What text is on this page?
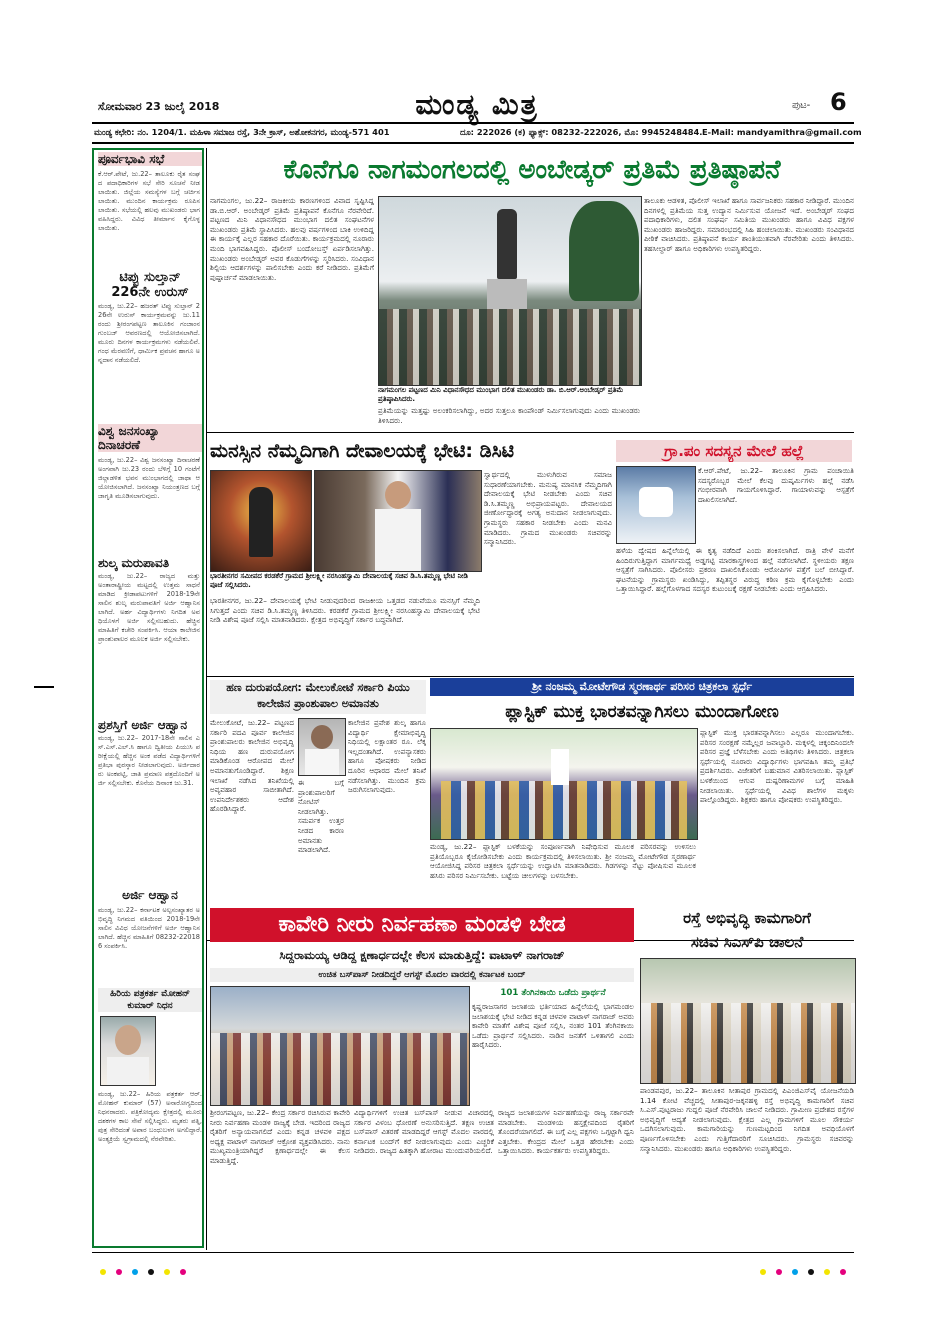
ಸೋಮವಾರ 23 ಜುಲೈ 2018	ಮಂಡ್ಯ ಮಿತ್ರ	ಪುಟ- 6
ಮಂಡ್ಯ ಕಛೇರಿ: ನಂ. 1204/1. ಮಹಿಳಾ ಸಮಾಜ ರಸ್ತೆ, 3ನೇ ಕ್ರಾಸ್, ಅಶೋಕನಗರ, ಮಂಡ್ಯ-571 401	ದೂ: 222026 (ಕ) ಫ್ಯಾಕ್ಸ್: 08232-222026, ಮೊ: 9945248484. E-Mail: mandyamithra@gmail.com
ಪೂರ್ವಭಾವಿ ಸಭೆ
ಕೆ.ಆರ್.ಪೇಟೆ, ಜು.22– ತಾಲೂಕು ರೈತ ಸಂಘದ ಪದಾಧಿಕಾರಿಗಳ ಸಭೆ ಸೇರಿ ಸೂಚನೆ ನೀಡಲಾಯಿತು. ಜಿಲ್ಲೆಯ ಸಮಸ್ಯೆಗಳ ಬಗ್ಗೆ ಚರ್ಚಿಸಲಾಯಿತು. ಮುಂದಿನ ಕಾರ್ಯಕ್ರಮ ರೂಪಿಸಲಾಯಿತು. ಸಭೆಯಲ್ಲಿ ಹಲವು ಮುಖಂಡರು ಭಾಗವಹಿಸಿದ್ದರು. ವಿವಿಧ ತೀರ್ಮಾನ ಕೈಗೊಳ್ಳಲಾಯಿತು.
ಟಿಪ್ಪು ಸುಲ್ತಾನ್ 226ನೇ ಉರುಸ್
ಮಂಡ್ಯ, ಜು.22– ಹಜರತ್ ಟಿಪ್ಪು ಸುಲ್ತಾನ್ 226ನೇ ಉರುಸ್ ಕಾರ್ಯಕ್ರಮವನ್ನು ಜು.11 ರಂದು ಶ್ರೀರಂಗಪಟ್ಟಣ ತಾಲೂಕಿನ ಗಂಜಾಂನ ಗುಂಬಜ್ ಆವರಣದಲ್ಲಿ ಆಯೋಜಿಸಲಾಗಿದೆ. ಮೂರು ದಿನಗಳ ಕಾರ್ಯಕ್ರಮಗಳು ನಡೆಯಲಿವೆ. ಗಂಧ ಮೆರವಣಿಗೆ, ಧಾರ್ಮಿಕ ಪ್ರವಚನ ಹಾಗೂ ಅನ್ನದಾನ ನಡೆಯಲಿದೆ.
ವಿಶ್ವ ಜನಸಂಖ್ಯಾ ದಿನಾಚರಣೆ
ಮಂಡ್ಯ, ಜು.22– ವಿಶ್ವ ಜನಸಂಖ್ಯಾ ದಿನಾಚರಣೆ ಅಂಗವಾಗಿ ಜು.23 ರಂದು ಬೆಳಿಗ್ಗೆ 10 ಗಂಟೆಗೆ ಜಿಲ್ಲಾಡಳಿತ ಭವನ ಮುಂಭಾಗದಲ್ಲಿ ಜಾಥಾ ಆಯೋಜಿಸಲಾಗಿದೆ. ಜನಸಂಖ್ಯಾ ನಿಯಂತ್ರಣದ ಬಗ್ಗೆ ಜಾಗೃತಿ ಮೂಡಿಸಲಾಗುವುದು.
ಶುಲ್ಕ ಮರುಪಾವತಿ
ಮಂಡ್ಯ, ಜು.22– ರಾಜ್ಯದ ಮತ್ತು ಅಂತಾರಾಷ್ಟ್ರೀಯ ಮಟ್ಟದಲ್ಲಿ ಉತ್ತಮ ಸಾಧನೆ ಮಾಡಿದ ಕ್ರೀಡಾಪಟುಗಳಿಗೆ 2018-19ನೇ ಸಾಲಿನ ಶುಲ್ಕ ಮರುಪಾವತಿಗೆ ಅರ್ಜಿ ಆಹ್ವಾನಿಸಲಾಗಿದೆ. ಅರ್ಹ ವಿದ್ಯಾರ್ಥಿಗಳು ನಿಗದಿತ ಅವಧಿಯೊಳಗೆ ಅರ್ಜಿ ಸಲ್ಲಿಸಬಹುದು. ಹೆಚ್ಚಿನ ಮಾಹಿತಿಗೆ ಕಚೇರಿ ಸಂಪರ್ಕಿಸಿ. ಆಯಾ ಕಾಲೇಜಿನ ಪ್ರಾಂಶುಪಾಲರ ಮೂಲಕ ಅರ್ಜಿ ಸಲ್ಲಿಸಬೇಕು.
ಪ್ರಶಸ್ತಿಗೆ ಅರ್ಜಿ ಆಹ್ವಾನ
ಮಂಡ್ಯ, ಜು.22– 2017-18ನೇ ಸಾಲಿನ ಎಸ್.ಎಸ್.ಎಲ್.ಸಿ ಹಾಗೂ ದ್ವಿತೀಯ ಪಿಯುಸಿ ಪರೀಕ್ಷೆಯಲ್ಲಿ ಹೆಚ್ಚಿನ ಅಂಕ ಪಡೆದ ವಿದ್ಯಾರ್ಥಿಗಳಿಗೆ ಪ್ರತಿಭಾ ಪುರಸ್ಕಾರ ನೀಡಲಾಗುವುದು. ಅರ್ಜಿದಾರರು ಅಂಕಪಟ್ಟಿ, ಜಾತಿ ಪ್ರಮಾಣ ಪತ್ರದೊಂದಿಗೆ ಅರ್ಜಿ ಸಲ್ಲಿಸಬೇಕು. ಕೊನೆಯ ದಿನಾಂಕ ಜು.31.
ಅರ್ಜಿ ಆಹ್ವಾನ
ಮಂಡ್ಯ, ಜು.22– ಕರ್ನಾಟಕ ಅಲ್ಪಸಂಖ್ಯಾತರ ಅಭಿವೃದ್ಧಿ ನಿಗಮದ ವತಿಯಿಂದ 2018-19ನೇ ಸಾಲಿನ ವಿವಿಧ ಯೋಜನೆಗಳಿಗೆ ಅರ್ಜಿ ಆಹ್ವಾನಿಸಲಾಗಿದೆ. ಹೆಚ್ಚಿನ ಮಾಹಿತಿಗೆ 08232-220186 ಸಂಪರ್ಕಿಸಿ.
ಹಿರಿಯ ಪತ್ರಕರ್ತ ಮೋಹನ್ ಕುಮಾರ್ ನಿಧನ
ಮಂಡ್ಯ, ಜು.22– ಹಿರಿಯ ಪತ್ರಕರ್ತ ಆರ್. ಮೋಹನ್ ಕುಮಾರ್ (57) ಅನಾರೋಗ್ಯದಿಂದ ನಿಧನರಾದರು. ಪತ್ರಿಕೋದ್ಯಮ ಕ್ಷೇತ್ರದಲ್ಲಿ ಮೂರು ದಶಕಗಳ ಕಾಲ ಸೇವೆ ಸಲ್ಲಿಸಿದ್ದರು. ಮೃತರು ಪತ್ನಿ, ಪುತ್ರ ಸೇರಿದಂತೆ ಅಪಾರ ಬಂಧುಬಳಗ ಅಗಲಿದ್ದಾರೆ. ಅಂತ್ಯಕ್ರಿಯೆ ಸ್ವಗ್ರಾಮದಲ್ಲಿ ನೆರವೇರಿತು.
ಕೊನೆಗೂ ನಾಗಮಂಗಲದಲ್ಲಿ ಅಂಬೇಡ್ಕರ್ ಪ್ರತಿಮೆ ಪ್ರತಿಷ್ಠಾಪನೆ
ನಾಗಮಂಗಲ, ಜು.22– ರಾಜಕೀಯ ಕಾರಣಗಳಿಂದ ವಿವಾದ ಸೃಷ್ಟಿಸಿದ್ದ ಡಾ.ಬಿ.ಆರ್. ಅಂಬೇಡ್ಕರ್ ಪ್ರತಿಮೆ ಪ್ರತಿಷ್ಠಾಪನೆ ಕೊನೆಗೂ ನೆರವೇರಿದೆ. ಪಟ್ಟಣದ ಮಿನಿ ವಿಧಾನಸೌಧದ ಮುಂಭಾಗ ದಲಿತ ಸಂಘಟನೆಗಳ ಮುಖಂಡರು ಪ್ರತಿಮೆ ಸ್ಥಾಪಿಸಿದರು. ಹಲವು ವರ್ಷಗಳಿಂದ ಬಾಕಿ ಉಳಿದಿದ್ದ ಈ ಕಾರ್ಯಕ್ಕೆ ಎಲ್ಲರ ಸಹಕಾರ ದೊರೆಯಿತು. ಕಾರ್ಯಕ್ರಮದಲ್ಲಿ ನೂರಾರು ಮಂದಿ ಭಾಗವಹಿಸಿದ್ದರು. ಪೊಲೀಸ್ ಬಂದೋಬಸ್ತ್ ಏರ್ಪಡಿಸಲಾಗಿತ್ತು. ಮುಖಂಡರು ಅಂಬೇಡ್ಕರ್ ಅವರ ಕೊಡುಗೆಗಳನ್ನು ಸ್ಮರಿಸಿದರು. ಸಂವಿಧಾನ ಶಿಲ್ಪಿಯ ಆದರ್ಶಗಳನ್ನು ಪಾಲಿಸಬೇಕು ಎಂದು ಕರೆ ನೀಡಿದರು. ಪ್ರತಿಮೆಗೆ ಪುಷ್ಪಾರ್ಚನೆ ಮಾಡಲಾಯಿತು.
ನಾಗಮಂಗಲ ಪಟ್ಟಣದ ಮಿನಿ ವಿಧಾನಸೌಧದ ಮುಂಭಾಗ ದಲಿತ ಮುಖಂಡರು ಡಾ. ಬಿ.ಆರ್.ಅಂಬೇಡ್ಕರ್ ಪ್ರತಿಮೆ ಪ್ರತಿಷ್ಠಾಪಿಸಿದರು.
ಪ್ರತಿಮೆಯನ್ನು ಮತ್ತಷ್ಟು ಅಲಂಕರಿಸಲಾಗಿದ್ದು, ಅದರ ಸುತ್ತಲೂ ಕಾಂಪೌಂಡ್ ನಿರ್ಮಿಸಲಾಗುವುದು ಎಂದು ಮುಖಂಡರು ತಿಳಿಸಿದರು.
ತಾಲೂಕು ಆಡಳಿತ, ಪೊಲೀಸ್ ಇಲಾಖೆ ಹಾಗೂ ಸಾರ್ವಜನಿಕರು ಸಹಕಾರ ನೀಡಿದ್ದಾರೆ. ಮುಂದಿನ ದಿನಗಳಲ್ಲಿ ಪ್ರತಿಮೆಯ ಸುತ್ತ ಉದ್ಯಾನ ನಿರ್ಮಿಸುವ ಯೋಜನೆ ಇದೆ. ಅಂಬೇಡ್ಕರ್ ಸಂಘದ ಪದಾಧಿಕಾರಿಗಳು, ದಲಿತ ಸಂಘರ್ಷ ಸಮಿತಿಯ ಮುಖಂಡರು ಹಾಗೂ ವಿವಿಧ ಪಕ್ಷಗಳ ಮುಖಂಡರು ಹಾಜರಿದ್ದರು. ಸಮಾರಂಭದಲ್ಲಿ ಸಿಹಿ ಹಂಚಲಾಯಿತು. ಮುಖಂಡರು ಸಂವಿಧಾನದ ಪೀಠಿಕೆ ವಾಚಿಸಿದರು. ಪ್ರತಿಷ್ಠಾಪನೆ ಕಾರ್ಯ ಶಾಂತಿಯುತವಾಗಿ ನೆರವೇರಿತು ಎಂದು ತಿಳಿಸಿದರು. ತಹಸೀಲ್ದಾರ್ ಹಾಗೂ ಅಧಿಕಾರಿಗಳು ಉಪಸ್ಥಿತರಿದ್ದರು.
ಮನಸ್ಸಿನ ನೆಮ್ಮದಿಗಾಗಿ ದೇವಾಲಯಕ್ಕೆ ಭೇಟಿ: ಡಿಸಿಟಿ
ಭಾರತೀನಗರ ಸಮೀಪದ ಕರಡಕೆರೆ ಗ್ರಾಮದ ಶ್ರೀಲಕ್ಷ್ಮೀ ನರಸಿಂಹಸ್ವಾಮಿ ದೇವಾಲಯಕ್ಕೆ ಸಚಿವ ಡಿ.ಸಿ.ತಮ್ಮಣ್ಣ ಭೇಟಿ ನೀಡಿ ಪೂಜೆ ಸಲ್ಲಿಸಿದರು.
ಸ್ವಾರ್ಥದಲ್ಲಿ ಮುಳುಗಿರುವ ಸಮಾಜ ಸುಧಾರಣೆಯಾಗಬೇಕು. ಮನುಷ್ಯ ಮಾನಸಿಕ ನೆಮ್ಮದಿಗಾಗಿ ದೇವಾಲಯಕ್ಕೆ ಭೇಟಿ ನೀಡಬೇಕು ಎಂದು ಸಚಿವ ಡಿ.ಸಿ.ತಮ್ಮಣ್ಣ ಅಭಿಪ್ರಾಯಪಟ್ಟರು. ದೇವಾಲಯದ ಜೀರ್ಣೋದ್ಧಾರಕ್ಕೆ ಅಗತ್ಯ ಅನುದಾನ ನೀಡಲಾಗುವುದು. ಗ್ರಾಮಸ್ಥರು ಸಹಕಾರ ನೀಡಬೇಕು ಎಂದು ಮನವಿ ಮಾಡಿದರು. ಗ್ರಾಮದ ಮುಖಂಡರು ಸಚಿವರನ್ನು ಸನ್ಮಾನಿಸಿದರು.
ಭಾರತೀನಗರ, ಜು.22– ದೇವಾಲಯಕ್ಕೆ ಭೇಟಿ ನೀಡುವುದರಿಂದ ರಾಜಕೀಯ ಒತ್ತಡದ ನಡುವೆಯೂ ಮನಸ್ಸಿಗೆ ನೆಮ್ಮದಿ ಸಿಗುತ್ತದೆ ಎಂದು ಸಚಿವ ಡಿ.ಸಿ.ತಮ್ಮಣ್ಣ ತಿಳಿಸಿದರು. ಕರಡಕೆರೆ ಗ್ರಾಮದ ಶ್ರೀಲಕ್ಷ್ಮೀ ನರಸಿಂಹಸ್ವಾಮಿ ದೇವಾಲಯಕ್ಕೆ ಭೇಟಿ ನೀಡಿ ವಿಶೇಷ ಪೂಜೆ ಸಲ್ಲಿಸಿ ಮಾತನಾಡಿದರು. ಕ್ಷೇತ್ರದ ಅಭಿವೃದ್ಧಿಗೆ ಸರ್ಕಾರ ಬದ್ಧವಾಗಿದೆ.
ಗ್ರಾ.ಪಂ ಸದಸ್ಯನ ಮೇಲೆ ಹಲ್ಲೆ
ಕೆ.ಆರ್.ಪೇಟೆ, ಜು.22– ತಾಲೂಕಿನ ಗ್ರಾಮ ಪಂಚಾಯಿತಿ ಸದಸ್ಯರೊಬ್ಬರ ಮೇಲೆ ಕೆಲವು ದುಷ್ಕರ್ಮಿಗಳು ಹಲ್ಲೆ ನಡೆಸಿ ಗಂಭೀರವಾಗಿ ಗಾಯಗೊಳಿಸಿದ್ದಾರೆ. ಗಾಯಾಳುವನ್ನು ಆಸ್ಪತ್ರೆಗೆ ದಾಖಲಿಸಲಾಗಿದೆ.
ಹಳೆಯ ದ್ವೇಷದ ಹಿನ್ನೆಲೆಯಲ್ಲಿ ಈ ಕೃತ್ಯ ನಡೆದಿದೆ ಎಂದು ಶಂಕಿಸಲಾಗಿದೆ. ರಾತ್ರಿ ವೇಳೆ ಮನೆಗೆ ಹಿಂದಿರುಗುತ್ತಿದ್ದಾಗ ಮಾರ್ಗಮಧ್ಯೆ ಅಡ್ಡಗಟ್ಟಿ ಮಾರಕಾಸ್ತ್ರಗಳಿಂದ ಹಲ್ಲೆ ನಡೆಸಲಾಗಿದೆ. ಸ್ಥಳೀಯರು ತಕ್ಷಣ ಆಸ್ಪತ್ರೆಗೆ ಸಾಗಿಸಿದರು. ಪೊಲೀಸರು ಪ್ರಕರಣ ದಾಖಲಿಸಿಕೊಂಡು ಆರೋಪಿಗಳ ಪತ್ತೆಗೆ ಬಲೆ ಬೀಸಿದ್ದಾರೆ. ಘಟನೆಯನ್ನು ಗ್ರಾಮಸ್ಥರು ಖಂಡಿಸಿದ್ದು, ತಪ್ಪಿತಸ್ಥರ ವಿರುದ್ಧ ಕಠಿಣ ಕ್ರಮ ಕೈಗೊಳ್ಳಬೇಕು ಎಂದು ಒತ್ತಾಯಿಸಿದ್ದಾರೆ. ಹಲ್ಲೆಗೊಳಗಾದ ಸದಸ್ಯರ ಕುಟುಂಬಕ್ಕೆ ರಕ್ಷಣೆ ನೀಡಬೇಕು ಎಂದು ಆಗ್ರಹಿಸಿದರು.
ಹಣ ದುರುಪಯೋಗ: ಮೇಲುಕೋಟೆ ಸರ್ಕಾರಿ ಪಿಯು ಕಾಲೇಜಿನ ಪ್ರಾಂಶುಪಾಲ ಅಮಾನತು
ಮೇಲುಕೋಟೆ, ಜು.22– ಪಟ್ಟಣದ ಸರ್ಕಾರಿ ಪದವಿ ಪೂರ್ವ ಕಾಲೇಜಿನ ಪ್ರಾಂಶುಪಾಲರು ಕಾಲೇಜಿನ ಅಭಿವೃದ್ಧಿ ನಿಧಿಯ ಹಣ ದುರುಪಯೋಗ ಮಾಡಿಕೊಂಡ ಆರೋಪದ ಮೇಲೆ ಅಮಾನತುಗೊಂಡಿದ್ದಾರೆ. ಶಿಕ್ಷಣ ಇಲಾಖೆ ನಡೆಸಿದ ತನಿಖೆಯಲ್ಲಿ ಅವ್ಯವಹಾರ ಸಾಬೀತಾಗಿದೆ. ಉಪನಿರ್ದೇಶಕರು ಆದೇಶ ಹೊರಡಿಸಿದ್ದಾರೆ.
ಕಾಲೇಜಿನ ಪ್ರವೇಶ ಶುಲ್ಕ ಹಾಗೂ ವಿದ್ಯಾರ್ಥಿ ಕ್ಷೇಮಾಭಿವೃದ್ಧಿ ನಿಧಿಯಲ್ಲಿ ಲಕ್ಷಾಂತರ ರೂ. ಲೆಕ್ಕ ಇಲ್ಲದಂತಾಗಿದೆ. ಉಪನ್ಯಾಸಕರು ಹಾಗೂ ಪೋಷಕರು ನೀಡಿದ ದೂರಿನ ಆಧಾರದ ಮೇಲೆ ತನಿಖೆ ನಡೆಸಲಾಗಿತ್ತು. ಮುಂದಿನ ಕ್ರಮ ಜರುಗಿಸಲಾಗುವುದು.
ಈ ಬಗ್ಗೆ ಪ್ರಾಂಶುಪಾಲರಿಗೆ ನೋಟಿಸ್ ನೀಡಲಾಗಿತ್ತು. ಸಮರ್ಪಕ ಉತ್ತರ ನೀಡದ ಕಾರಣ ಅಮಾನತು ಮಾಡಲಾಗಿದೆ.
ಶ್ರೀ ನಂಜಮ್ಮ ಮೋಟೇಗೌಡ ಸ್ಮರಣಾರ್ಥ ಪರಿಸರ ಚಿತ್ರಕಲಾ ಸ್ಪರ್ಧೆ
ಪ್ಲಾಸ್ಟಿಕ್ ಮುಕ್ತ ಭಾರತವನ್ನಾಗಿಸಲು ಮುಂದಾಗೋಣ
ಪ್ಲಾಸ್ಟಿಕ್ ಮುಕ್ತ ಭಾರತವನ್ನಾಗಿಸಲು ಎಲ್ಲರೂ ಮುಂದಾಗಬೇಕು. ಪರಿಸರ ಸಂರಕ್ಷಣೆ ನಮ್ಮೆಲ್ಲರ ಜವಾಬ್ದಾರಿ. ಮಕ್ಕಳಲ್ಲಿ ಚಿಕ್ಕಂದಿನಿಂದಲೇ ಪರಿಸರ ಪ್ರಜ್ಞೆ ಬೆಳೆಸಬೇಕು ಎಂದು ಅತಿಥಿಗಳು ತಿಳಿಸಿದರು. ಚಿತ್ರಕಲಾ ಸ್ಪರ್ಧೆಯಲ್ಲಿ ನೂರಾರು ವಿದ್ಯಾರ್ಥಿಗಳು ಭಾಗವಹಿಸಿ ತಮ್ಮ ಪ್ರತಿಭೆ ಪ್ರದರ್ಶಿಸಿದರು. ವಿಜೇತರಿಗೆ ಬಹುಮಾನ ವಿತರಿಸಲಾಯಿತು. ಪ್ಲಾಸ್ಟಿಕ್ ಬಳಕೆಯಿಂದ ಆಗುವ ದುಷ್ಪರಿಣಾಮಗಳ ಬಗ್ಗೆ ಮಾಹಿತಿ ನೀಡಲಾಯಿತು. ಸ್ಪರ್ಧೆಯಲ್ಲಿ ವಿವಿಧ ಶಾಲೆಗಳ ಮಕ್ಕಳು ಪಾಲ್ಗೊಂಡಿದ್ದರು. ಶಿಕ್ಷಕರು ಹಾಗೂ ಪೋಷಕರು ಉಪಸ್ಥಿತರಿದ್ದರು.
ಮಂಡ್ಯ, ಜು.22– ಪ್ಲಾಸ್ಟಿಕ್ ಬಳಕೆಯನ್ನು ಸಂಪೂರ್ಣವಾಗಿ ನಿಷೇಧಿಸುವ ಮೂಲಕ ಪರಿಸರವನ್ನು ಉಳಿಸಲು ಪ್ರತಿಯೊಬ್ಬರೂ ಕೈಜೋಡಿಸಬೇಕು ಎಂದು ಕಾರ್ಯಕ್ರಮದಲ್ಲಿ ತಿಳಿಸಲಾಯಿತು. ಶ್ರೀ ನಂಜಮ್ಮ ಮೋಟೇಗೌಡ ಸ್ಮರಣಾರ್ಥ ಆಯೋಜಿಸಿದ್ದ ಪರಿಸರ ಚಿತ್ರಕಲಾ ಸ್ಪರ್ಧೆಯನ್ನು ಉದ್ಘಾಟಿಸಿ ಮಾತನಾಡಿದರು. ಗಿಡಗಳನ್ನು ನೆಟ್ಟು ಪೋಷಿಸುವ ಮೂಲಕ ಹಸಿರು ಪರಿಸರ ನಿರ್ಮಿಸಬೇಕು. ಬಟ್ಟೆಯ ಚೀಲಗಳನ್ನು ಬಳಸಬೇಕು.
ಕಾವೇರಿ ನೀರು ನಿರ್ವಹಣಾ ಮಂಡಳಿ ಬೇಡ
ಸಿದ್ದರಾಮಯ್ಯ ಆಡಿದ್ದ ಕ್ಷಣಾರ್ಧದಲ್ಲೇ ಕೆಲಸ ಮಾಡುತ್ತಿದ್ದೆ: ವಾಟಾಳ್ ನಾಗರಾಜ್
ಉಚಿತ ಬಸ್‌ಪಾಸ್ ನೀಡದಿದ್ದರೆ ಆಗಸ್ಟ್ ಮೊದಲ ವಾರದಲ್ಲಿ ಕರ್ನಾಟಕ ಬಂದ್
101 ತೆಂಗಿನಕಾಯಿ ಒಡೆದು ಪ್ರಾರ್ಥನೆ
ಕೃಷ್ಣರಾಜಸಾಗರ ಜಲಾಶಯ ಭರ್ತಿಯಾದ ಹಿನ್ನೆಲೆಯಲ್ಲಿ ಭಾಗಮಂಡಲ ಜಲಾಶಯಕ್ಕೆ ಭೇಟಿ ನೀಡಿದ ಕನ್ನಡ ಚಳವಳಿ ವಾಟಾಳ್ ನಾಗರಾಜ್ ಅವರು ಕಾವೇರಿ ಮಾತೆಗೆ ವಿಶೇಷ ಪೂಜೆ ಸಲ್ಲಿಸಿ, ನಂತರ 101 ತೆಂಗಿನಕಾಯಿ ಒಡೆದು ಪ್ರಾರ್ಥನೆ ಸಲ್ಲಿಸಿದರು. ನಾಡಿನ ಜನತೆಗೆ ಒಳಿತಾಗಲಿ ಎಂದು ಹಾರೈಸಿದರು.
ಶ್ರೀರಂಗಪಟ್ಟಣ, ಜು.22– ಕೇಂದ್ರ ಸರ್ಕಾರ ರಚಿಸಿರುವ ಕಾವೇರಿ ನೀರು ನಿರ್ವಹಣಾ ಮಂಡಳಿ ರಾಜ್ಯಕ್ಕೆ ಬೇಡ. ಇದರಿಂದ ರಾಜ್ಯದ ರೈತರಿಗೆ ಅನ್ಯಾಯವಾಗಲಿದೆ ಎಂದು ಕನ್ನಡ ಚಳವಳಿ ಪಕ್ಷದ ಅಧ್ಯಕ್ಷ ವಾಟಾಳ್ ನಾಗರಾಜ್ ಆಕ್ರೋಶ ವ್ಯಕ್ತಪಡಿಸಿದರು. ನಾನು ಮುಖ್ಯಮಂತ್ರಿಯಾಗಿದ್ದರೆ ಕ್ಷಣಾರ್ಧದಲ್ಲೇ ಈ ಕೆಲಸ ಮಾಡುತ್ತಿದ್ದೆ.
ವಿದ್ಯಾರ್ಥಿಗಳಿಗೆ ಉಚಿತ ಬಸ್‌ಪಾಸ್ ನೀಡುವ ವಿಚಾರದಲ್ಲಿ ಸರ್ಕಾರ ವಿಳಂಬ ಧೋರಣೆ ಅನುಸರಿಸುತ್ತಿದೆ. ತಕ್ಷಣ ಉಚಿತ ಬಸ್‌ಪಾಸ್ ವಿತರಣೆ ಮಾಡದಿದ್ದರೆ ಆಗಸ್ಟ್ ಮೊದಲ ವಾರದಲ್ಲಿ ಕರ್ನಾಟಕ ಬಂದ್‌ಗೆ ಕರೆ ನೀಡಲಾಗುವುದು ಎಂದು ಎಚ್ಚರಿಕೆ ನೀಡಿದರು. ರಾಜ್ಯದ ಹಿತಕ್ಕಾಗಿ ಹೋರಾಟ ಮುಂದುವರಿಯಲಿದೆ.
ರಾಜ್ಯದ ಜಲಾಶಯಗಳ ನಿರ್ವಹಣೆಯನ್ನು ರಾಜ್ಯ ಸರ್ಕಾರವೇ ಮಾಡಬೇಕು. ಮಂಡಳಿಯ ಹಸ್ತಕ್ಷೇಪದಿಂದ ರೈತರಿಗೆ ತೊಂದರೆಯಾಗಲಿದೆ. ಈ ಬಗ್ಗೆ ಎಲ್ಲ ಪಕ್ಷಗಳು ಒಗ್ಗಟ್ಟಾಗಿ ಧ್ವನಿ ಎತ್ತಬೇಕು. ಕೇಂದ್ರದ ಮೇಲೆ ಒತ್ತಡ ಹೇರಬೇಕು ಎಂದು ಒತ್ತಾಯಿಸಿದರು. ಕಾರ್ಯಕರ್ತರು ಉಪಸ್ಥಿತರಿದ್ದರು.
ರಸ್ತೆ ಅಭಿವೃದ್ಧಿ ಕಾಮಗಾರಿಗೆ
ಸಚಿವ ಸಿಎಸ್‌ಪಿ ಚಾಲನೆ
ಪಾಂಡವಪುರ, ಜು.22– ತಾಲೂಕಿನ ಸೀತಾಪುರ ಗ್ರಾಮದಲ್ಲಿ ಪಿಎಂಜಿಎಸ್‌ವೈ ಯೋಜನೆಯಡಿ 1.14 ಕೋಟಿ ವೆಚ್ಚದಲ್ಲಿ ಸೀತಾಪುರ-ಜಕ್ಕನಹಳ್ಳಿ ರಸ್ತೆ ಅಭಿವೃದ್ಧಿ ಕಾಮಗಾರಿಗೆ ಸಚಿವ ಸಿ.ಎಸ್.ಪುಟ್ಟರಾಜು ಗುದ್ದಲಿ ಪೂಜೆ ನೆರವೇರಿಸಿ ಚಾಲನೆ ನೀಡಿದರು. ಗ್ರಾಮೀಣ ಪ್ರದೇಶದ ರಸ್ತೆಗಳ ಅಭಿವೃದ್ಧಿಗೆ ಆದ್ಯತೆ ನೀಡಲಾಗುವುದು. ಕ್ಷೇತ್ರದ ಎಲ್ಲ ಗ್ರಾಮಗಳಿಗೆ ಮೂಲ ಸೌಕರ್ಯ ಒದಗಿಸಲಾಗುವುದು. ಕಾಮಗಾರಿಯನ್ನು ಗುಣಮಟ್ಟದಿಂದ ನಿಗದಿತ ಅವಧಿಯೊಳಗೆ ಪೂರ್ಣಗೊಳಿಸಬೇಕು ಎಂದು ಗುತ್ತಿಗೆದಾರರಿಗೆ ಸೂಚಿಸಿದರು. ಗ್ರಾಮಸ್ಥರು ಸಚಿವರನ್ನು ಸನ್ಮಾನಿಸಿದರು. ಮುಖಂಡರು ಹಾಗೂ ಅಧಿಕಾರಿಗಳು ಉಪಸ್ಥಿತರಿದ್ದರು.
